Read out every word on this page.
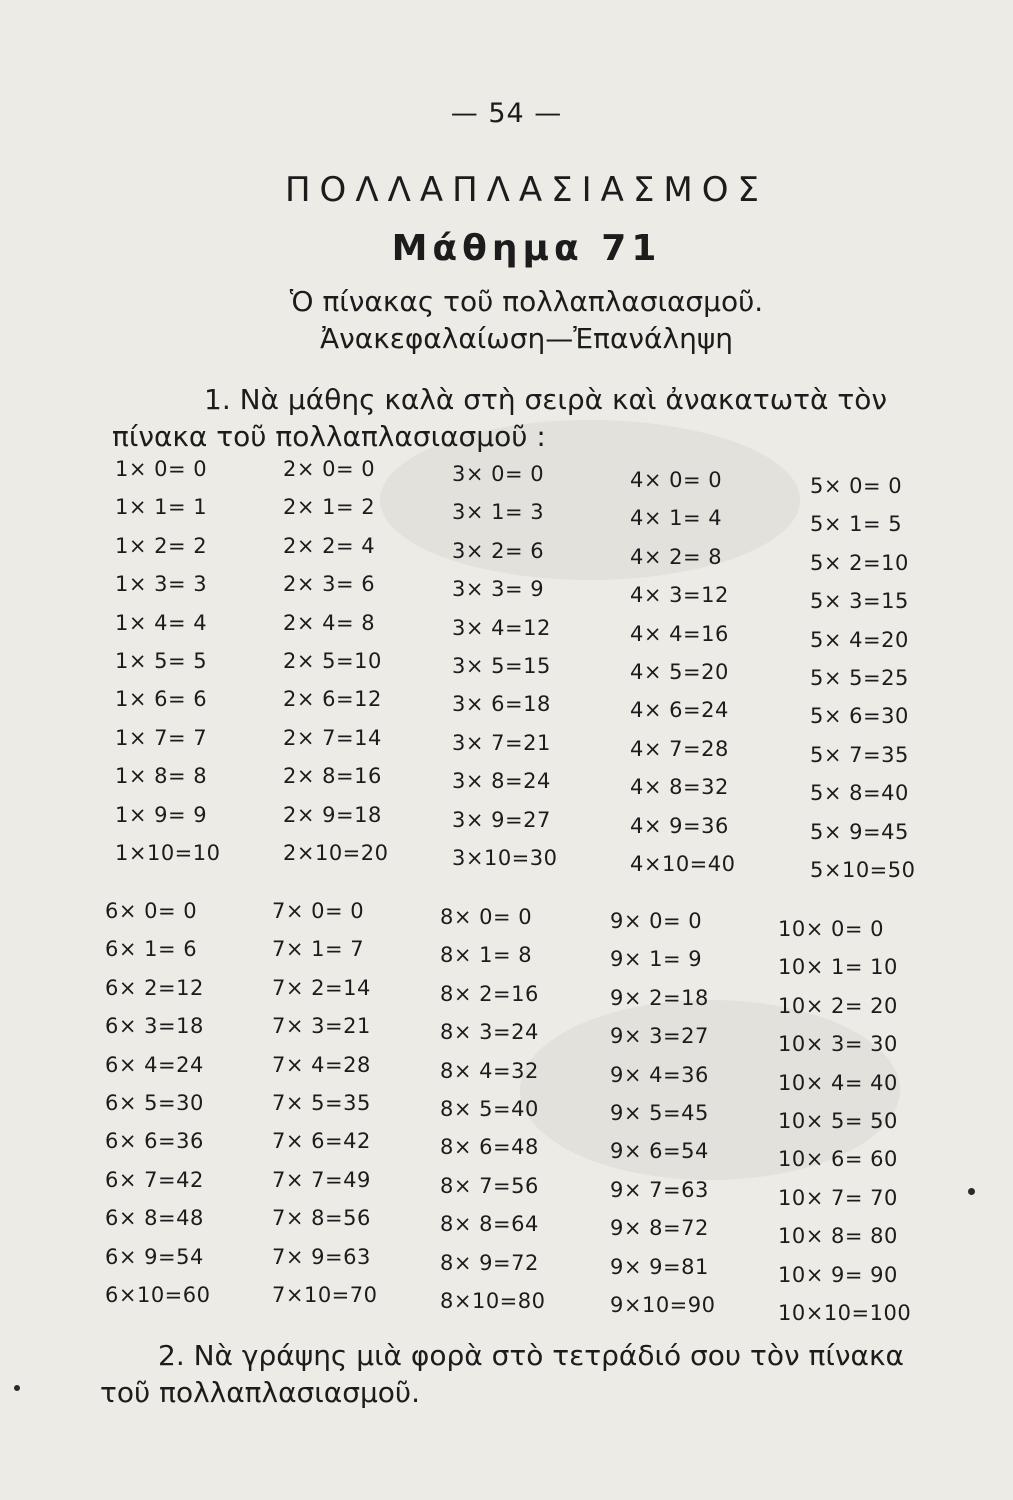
— 54 —
ΠΟΛΛΑΠΛΑΣΙΑΣΜΟΣ
Μάθημα 71
Ὁ πίνακας τοῦ πολλαπλασιασμοῦ.
Ἀνακεφαλαίωση—Ἐπανάληψη
1. Νὰ μάθης καλὰ στὴ σειρὰ καὶ ἀνακατωτὰ τὸν πίνακα τοῦ πολλαπλασιασμοῦ :
1× 0= 0
1× 1= 1
1× 2= 2
1× 3= 3
1× 4= 4
1× 5= 5
1× 6= 6
1× 7= 7
1× 8= 8
1× 9= 9
1×10=10
2× 0= 0
2× 1= 2
2× 2= 4
2× 3= 6
2× 4= 8
2× 5=10
2× 6=12
2× 7=14
2× 8=16
2× 9=18
2×10=20
3× 0= 0
3× 1= 3
3× 2= 6
3× 3= 9
3× 4=12
3× 5=15
3× 6=18
3× 7=21
3× 8=24
3× 9=27
3×10=30
4× 0= 0
4× 1= 4
4× 2= 8
4× 3=12
4× 4=16
4× 5=20
4× 6=24
4× 7=28
4× 8=32
4× 9=36
4×10=40
5× 0= 0
5× 1= 5
5× 2=10
5× 3=15
5× 4=20
5× 5=25
5× 6=30
5× 7=35
5× 8=40
5× 9=45
5×10=50
6× 0= 0
6× 1= 6
6× 2=12
6× 3=18
6× 4=24
6× 5=30
6× 6=36
6× 7=42
6× 8=48
6× 9=54
6×10=60
7× 0= 0
7× 1= 7
7× 2=14
7× 3=21
7× 4=28
7× 5=35
7× 6=42
7× 7=49
7× 8=56
7× 9=63
7×10=70
8× 0= 0
8× 1= 8
8× 2=16
8× 3=24
8× 4=32
8× 5=40
8× 6=48
8× 7=56
8× 8=64
8× 9=72
8×10=80
9× 0= 0
9× 1= 9
9× 2=18
9× 3=27
9× 4=36
9× 5=45
9× 6=54
9× 7=63
9× 8=72
9× 9=81
9×10=90
10× 0= 0
10× 1= 10
10× 2= 20
10× 3= 30
10× 4= 40
10× 5= 50
10× 6= 60
10× 7= 70
10× 8= 80
10× 9= 90
10×10=100
2. Νὰ γράψης μιὰ φορὰ στὸ τετράδιό σου τὸν πίνακα τοῦ πολλαπλασιασμοῦ.
